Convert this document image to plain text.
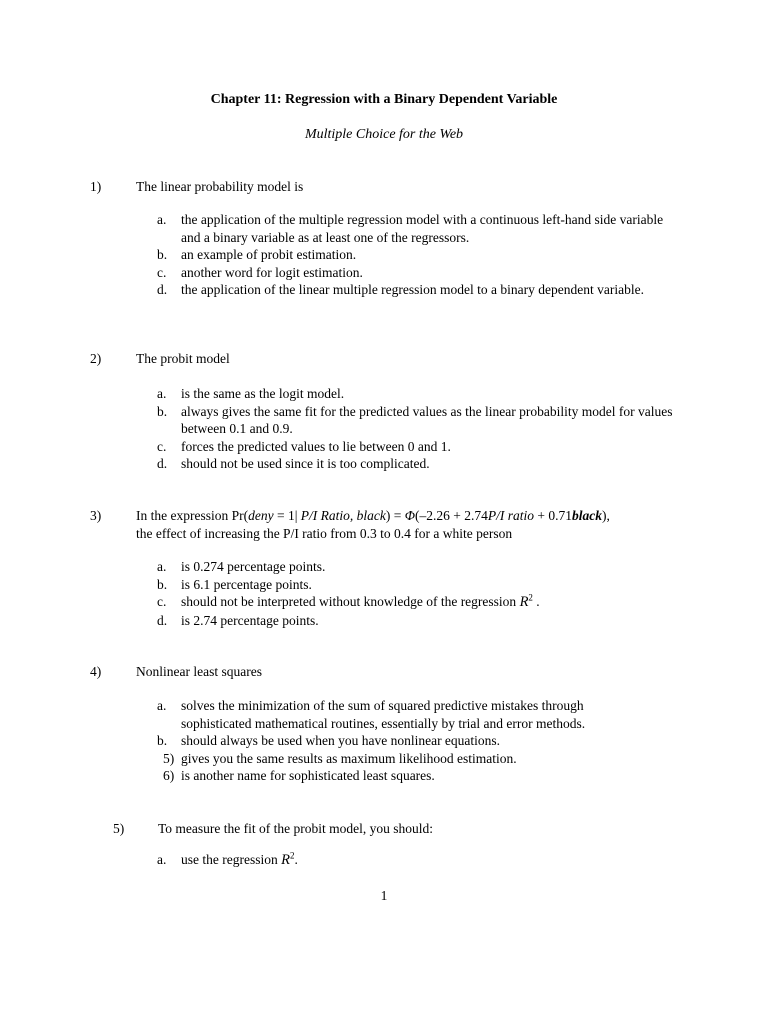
Chapter 11: Regression with a Binary Dependent Variable
Multiple Choice for the Web
1)	The linear probability model is
a. the application of the multiple regression model with a continuous left-hand side variable and a binary variable as at least one of the regressors.
b. an example of probit estimation.
c. another word for logit estimation.
d. the application of the linear multiple regression model to a binary dependent variable.
2)	The probit model
a. is the same as the logit model.
b. always gives the same fit for the predicted values as the linear probability model for values between 0.1 and 0.9.
c. forces the predicted values to lie between 0 and 1.
d. should not be used since it is too complicated.
3)	In the expression Pr(deny = 1| P/I Ratio, black) = Φ(–2.26 + 2.74P/I ratio + 0.71black),
the effect of increasing the P/I ratio from 0.3 to 0.4 for a white person
a. is 0.274 percentage points.
b. is 6.1 percentage points.
c. should not be interpreted without knowledge of the regression $R^2$ .
d. is 2.74 percentage points.
4)	Nonlinear least squares
a. solves the minimization of the sum of squared predictive mistakes through sophisticated mathematical routines, essentially by trial and error methods.
b. should always be used when you have nonlinear equations.
5) gives you the same results as maximum likelihood estimation.
6) is another name for sophisticated least squares.
5)	To measure the fit of the probit model, you should:
a. use the regression $R^2$.
1
